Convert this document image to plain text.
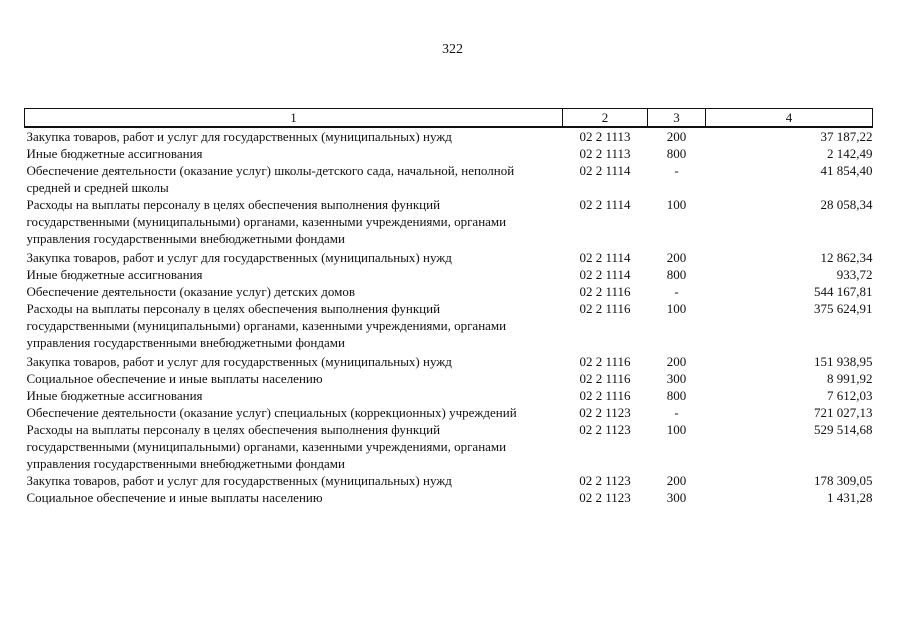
322
1	2	3	4
Закупка товаров, работ и услуг для государственных (муниципальных) нужд	02 2 1113	200	37 187,22
Иные бюджетные ассигнования	02 2 1113	800	2 142,49
Обеспечение деятельности (оказание услуг) школы-детского сада, начальной, неполной средней и средней школы	02 2 1114	-	41 854,40
Расходы на выплаты персоналу в целях обеспечения выполнения функций государственными (муниципальными) органами, казенными учреждениями, органами управления государственными внебюджетными фондами	02 2 1114	100	28 058,34
Закупка товаров, работ и услуг для государственных (муниципальных) нужд	02 2 1114	200	12 862,34
Иные бюджетные ассигнования	02 2 1114	800	933,72
Обеспечение деятельности (оказание услуг) детских домов	02 2 1116	-	544 167,81
Расходы на выплаты персоналу в целях обеспечения выполнения функций государственными (муниципальными) органами, казенными учреждениями, органами управления государственными внебюджетными фондами	02 2 1116	100	375 624,91
Закупка товаров, работ и услуг для государственных (муниципальных) нужд	02 2 1116	200	151 938,95
Социальное обеспечение и иные выплаты населению	02 2 1116	300	8 991,92
Иные бюджетные ассигнования	02 2 1116	800	7 612,03
Обеспечение деятельности (оказание услуг) специальных (коррекционных) учреждений	02 2 1123	-	721 027,13
Расходы на выплаты персоналу в целях обеспечения выполнения функций государственными (муниципальными) органами, казенными учреждениями, органами управления государственными внебюджетными фондами	02 2 1123	100	529 514,68
Закупка товаров, работ и услуг для государственных (муниципальных) нужд	02 2 1123	200	178 309,05
Социальное обеспечение и иные выплаты населению	02 2 1123	300	1 431,28
